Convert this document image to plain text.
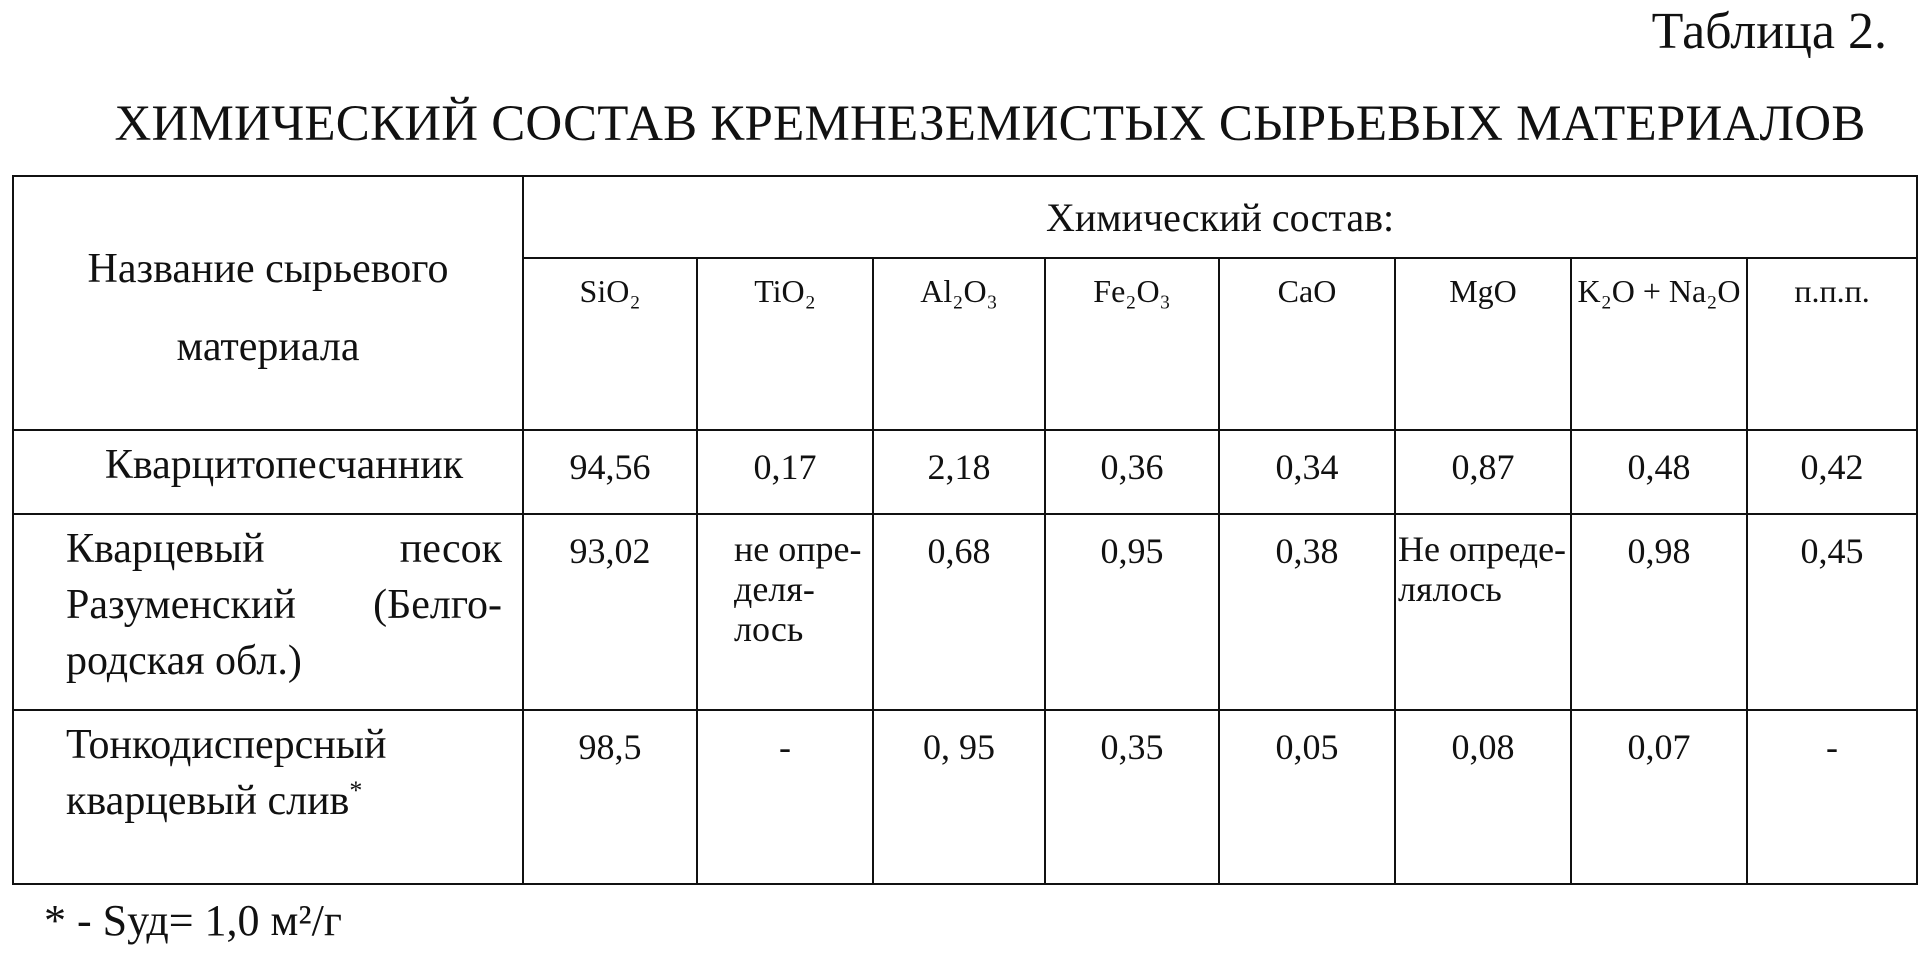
Таблица 2.
ХИМИЧЕСКИЙ СОСТАВ КРЕМНЕЗЕМИСТЫХ СЫРЬЕВЫХ МАТЕРИАЛОВ
Название сырьевого материала	Химический состав:							
	SiO₂	TiO₂	Al₂O₃	Fe₂O₃	CaO	MgO	K₂O + Na₂O	п.п.п.
Кварцитопесчанник	94,56	0,17	2,18	0,36	0,34	0,87	0,48	0,42
Кварцевый песок Разуменский (Белго-родская обл.)	93,02	не опре-деля-лось	0,68	0,95	0,38	Не опреде-лялось	0,98	0,45
Тонкодисперсный кварцевый слив*	98,5	-	0, 95	0,35	0,05	0,08	0,07	-
* - Sуд= 1,0 м²/г
